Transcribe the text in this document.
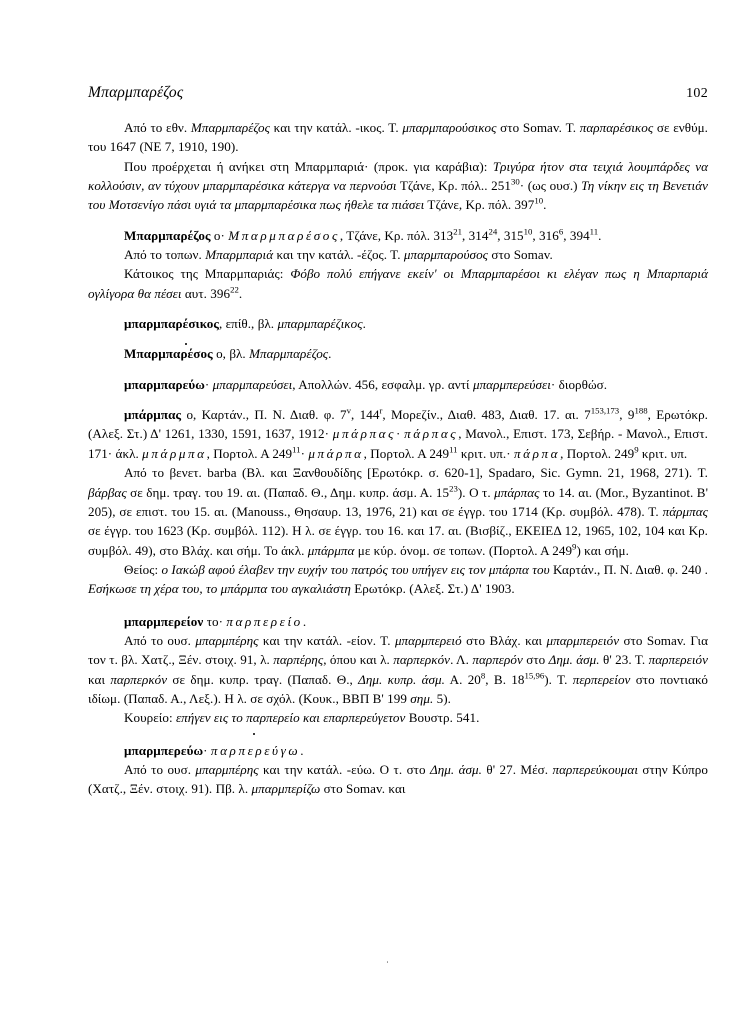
Μπαρμπαρέζος	102

Από το εθν. Μπαρμπαρέζος και την κατάλ. -ικος. Τ. μπαρμπαρούσικος στο Somav. Τ. παρπαρέσικος σε ενθύμ. του 1647 (ΝΕ 7, 1910, 190).

Που προέρχεται ή ανήκει στη Μπαρμπαριά· (προκ. για καράβια): Τριγύρα ήτον στα τειχιά λουμπάρδες να κολλούσιν, αν τύχουν μπαρμπαρέσικα κάτεργα να περνούσι Τζάνε, Κρ. πόλ.. $251^{30}\cdot (\omega\varsigma$ ουσ.) Τη νίκην εις τη Βενετιάν του Μοτσενίγο πάσι υγιά τα μπαρμπαρέσικα πως ήθελε τα πιάσει Τζάνε, Κρ. πόλ. $397^{10}$.

Μπαρμπαρέζος ο· Μπαρμπαρέσος, Τζάνε, Κρ. πόλ. $313^{21}$, $314^{24}$, $315^{10}$, $316^6$, $394^{11}$.

Από το τοπων. Μπαρμπαριά και την κατάλ. -έζος. Τ. μπαρμπαρούσος στο Somav.

Κάτοικος της Μπαρμπαριάς: Φόβο πολύ επήγανε εκείν' οι Μπαρμπαρέσοι κι ελέγαν πως η Μπαρπαριά ογλίγορα θα πέσει αυτ. $396^{22}$.

μπαρμπαρέσικος, επίθ., βλ. μπαρμπαρέζικος.

Μπαρμπαρέσος ο, βλ. Μπαρμπαρέζος.

μπαρμπαρεύω· μπαρμπαρεύσει, Απολλών. 456, εσφαλμ. γρ. αντί μπαρμπερεύσει· διορθώσ.

μπάρμπας ο, Καρτάν., Π. Ν. Διαθ. φ. 7$^v$, 144$^r$, Μορεζίν., Διαθ. 483, Διαθ. 17. αι. 7$^{153,173}$, $9^{188}$, Ερωτόκρ. (Αλεξ. Στ.) Δ' 1261, 1330, 1591, 1637, 1912· μπάρπας· πάρπας, Μανολ., Επιστ. 173, Σεβήρ. - Μανολ., Επιστ. 171· άκλ. μπάρμπα, Πορτολ. Α $249^{11}\cdot \mu\pi ά\rho\pi\alpha$, Πορτολ. Α $249^{11}$ κριτ. υπ.· πάρπα, Πορτολ. $249^9$ κριτ. υπ.

Από το βενετ. barba (Βλ. και Ξανθουδίδης [Ερωτόκρ. σ. 620-1], Spadaro, Sic. Gymn. 21, 1968, 271). Τ. βάρβας σε δημ. τραγ. του 19. αι. (Παπαδ. Θ., Δημ. κυπρ. άσμ. Α. $15^{23}$). Ο τ. μπάρπας το 14. αι. (Mor., Byzantinot. Β' 205), σε επιστ. του 15. αι. (Manouss., Θησαυρ. 13, 1976, 21) και σε έγγρ. του 1714 (Κρ. συμβόλ. 478). Τ. πάρμπας σε έγγρ. του 1623 (Κρ. συμβόλ. 112). Η λ. σε έγγρ. του 16. και 17. αι. (Βισβίζ., ΕΚΕΙΕΔ 12, 1965, 102, 104 και Κρ. συμβόλ. 49), στο Βλάχ. και σήμ. Το άκλ. μπάρμπα με κύρ. όνομ. σε τοπων. (Πορτολ. Α $249^9$) και σήμ.

Θείος: ο Ιακώβ αφού έλαβεν την ευχήν του πατρός του υπήγεν εις τον μπάρπα του Καρτάν., Π. Ν. Διαθ. φ. 240 . Εσήκωσε τη χέρα του, το μπάρμπα του αγκαλιάστη Ερωτόκρ. (Αλεξ. Στ.) Δ' 1903.

μπαρμπερείον το· παρπερείο.

Από το ουσ. μπαρμπέρης και την κατάλ. -είον. Τ. μπαρμπερειό στο Βλάχ. και μπαρμπερειόν στο Somav. Για τον τ. βλ. Χατζ., Ξέν. στοιχ. 91, λ. παρπέρης, όπου και λ. παρπερκόν. Λ. παρπερόν στο Δημ. άσμ. θ' 23. Τ. παρπερειόν και παρπερκόν σε δημ. κυπρ. τραγ. (Παπαδ. Θ., Δημ. κυπρ. άσμ. Α. $20^8$, Β. 18$^{15,96}$). Τ. περπερείον στο ποντιακό ιδίωμ. (Παπαδ. Α., Λεξ.). Η λ. σε σχόλ. (Κουκ., ΒΒΠ Β' 199 σημ. 5).

Κουρείο: επήγεν εις το παρπερείο και επαρπερεύγετον Βουστρ. 541.

μπαρμπερεύω· παρπερεύγω.

Από το ουσ. μπαρμπέρης και την κατάλ. -εύω. Ο τ. στο Δημ. άσμ. θ' 27. Μέσ. παρπερεύκουμαι στην Κύπρο (Χατζ., Ξέν. στοιχ. 91). Πβ. λ. μπαρμπερίζω στο Somav. και

·
